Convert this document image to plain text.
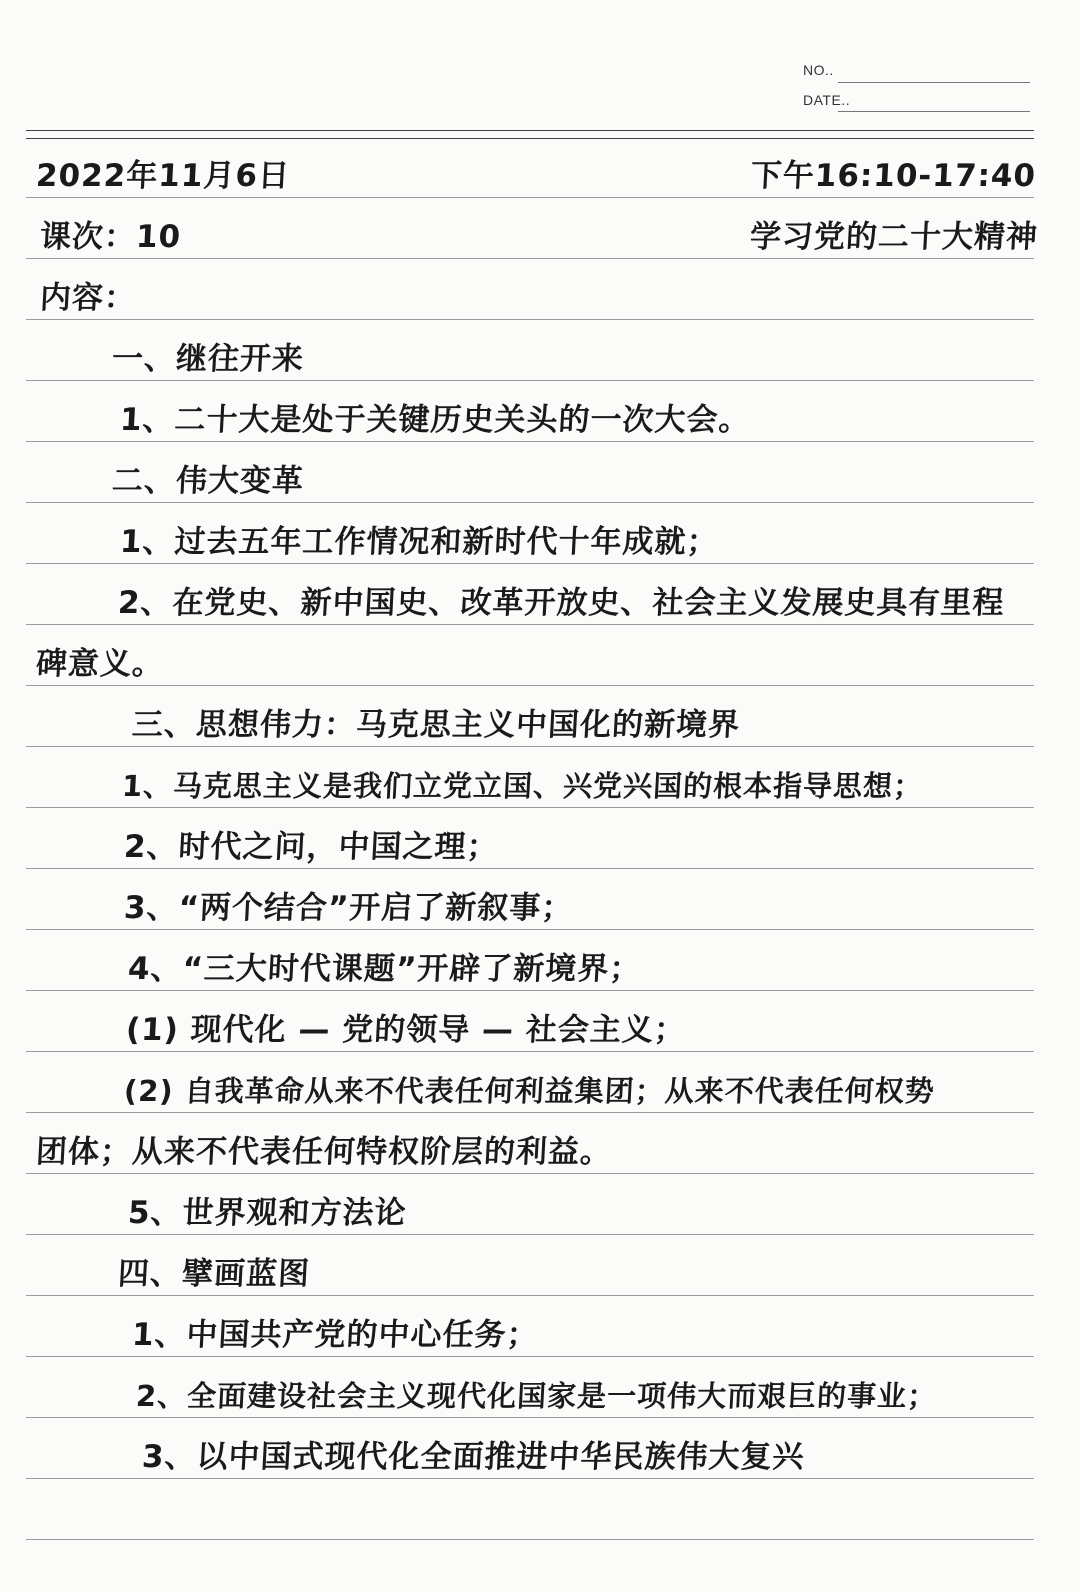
NO..
DATE..
2022年11月6日	下午16:10-17:40
课次：10	学习党的二十大精神
内容：
一、继往开来
1、二十大是处于关键历史关头的一次大会。
二、伟大变革
1、过去五年工作情况和新时代十年成就；
2、在党史、新中国史、改革开放史、社会主义发展史具有里程
碑意义。
三、思想伟力：马克思主义中国化的新境界
1、马克思主义是我们立党立国、兴党兴国的根本指导思想；
2、时代之问，中国之理；
3、“两个结合”开启了新叙事；
4、“三大时代课题”开辟了新境界；
(1) 现代化 — 党的领导 — 社会主义；
(2) 自我革命从来不代表任何利益集团；从来不代表任何权势
团体；从来不代表任何特权阶层的利益。
5、世界观和方法论
四、擘画蓝图
1、中国共产党的中心任务；
2、全面建设社会主义现代化国家是一项伟大而艰巨的事业；
3、以中国式现代化全面推进中华民族伟大复兴
